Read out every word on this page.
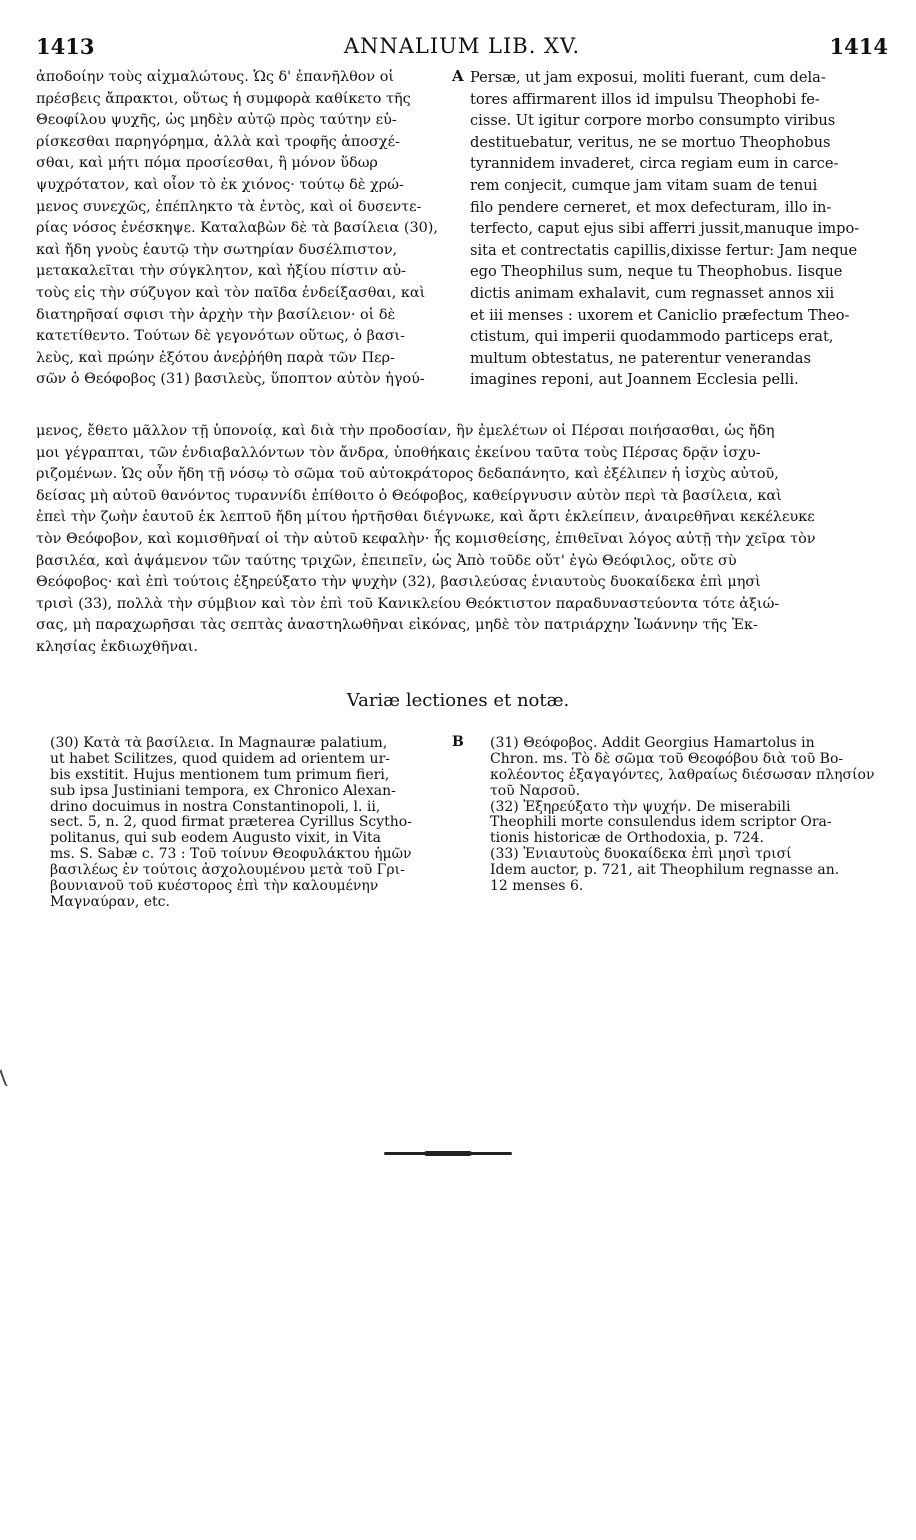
1413	ANNALIUM LIB. XV.	1414
ἀποδοίην τοὺς αἰχμαλώτους. Ὡς δ' ἐπανῆλθον οἱ
πρέσβεις ἄπρακτοι, οὕτως ἡ συμφορὰ καθίκετο τῆς
Θεοφίλου ψυχῆς, ὡς μηδὲν αὐτῷ πρὸς ταύτην εὑ-
ρίσκεσθαι παρηγόρημα, ἀλλὰ καὶ τροφῆς ἀποσχέ-
σθαι, καὶ μήτι πόμα προσίεσθαι, ἢ μόνον ὕδωρ
ψυχρότατον, καὶ οἷον τὸ ἐκ χιόνος· τούτῳ δὲ χρώ-
μενος συνεχῶς, ἐπέπληκτο τὰ ἐντὸς, καὶ οἱ δυσεντε-
ρίας νόσος ἐνέσκηψε. Καταλαβὼν δὲ τὰ βασίλεια (30),
καὶ ἤδη γνοὺς ἑαυτῷ τὴν σωτηρίαν δυσέλπιστον,
μετακαλεῖται τὴν σύγκλητον, καὶ ἠξίου πίστιν αὐ-
τοὺς εἰς τὴν σύζυγον καὶ τὸν παῖδα ἐνδείξασθαι, καὶ
διατηρῆσαί σφισι τὴν ἀρχὴν τὴν βασίλειον· οἱ δὲ
κατετίθεντο. Τούτων δὲ γεγονότων οὕτως, ὁ βασι-
λεὺς, καὶ πρώην ἐξότου ἀνεῤῥήθη παρὰ τῶν Περ-
σῶν ὁ Θεόφοβος (31) βασιλεὺς, ὕποπτον αὐτὸν ἡγού-
A Persæ, ut jam exposui, moliti fuerant, cum dela-
tores affirmarent illos id impulsu Theophobi fe-
cisse. Ut igitur corpore morbo consumpto viribus
destituebatur, veritus, ne se mortuo Theophobus
tyrannidem invaderet, circa regiam eum in carce-
rem conjecit, cumque jam vitam suam de tenui
filo pendere cerneret, et mox defecturam, illo in-
terfecto, caput ejus sibi afferri jussit,manuque impo-
sita et contrectatis capillis,dixisse fertur: Jam neque
ego Theophilus sum, neque tu Theophobus. Iisque
dictis animam exhalavit, cum regnasset annos xii
et iii menses : uxorem et Caniclio præfectum Theo-
ctistum, qui imperii quodammodo particeps erat,
multum obtestatus, ne paterentur venerandas
imagines reponi, aut Joannem Ecclesia pelli.
μενος, ἔθετο μᾶλλον τῇ ὑπονοίᾳ, καὶ διὰ τὴν προδοσίαν, ἣν ἐμελέτων οἱ Πέρσαι ποιήσασθαι, ὡς ἤδη
μοι γέγραπται, τῶν ἐνδιαβαλλόντων τὸν ἄνδρα, ὑποθήκαις ἐκείνου ταῦτα τοὺς Πέρσας δρᾷν ἰσχυ-
ριζομένων. Ὡς οὖν ἤδη τῇ νόσῳ τὸ σῶμα τοῦ αὐτοκράτορος δεδαπάνητο, καὶ ἐξέλιπεν ἡ ἰσχὺς αὐτοῦ,
δείσας μὴ αὐτοῦ θανόντος τυραννίδι ἐπίθοιτο ὁ Θεόφοβος, καθείργνυσιν αὐτὸν περὶ τὰ βασίλεια, καὶ
ἐπεὶ τὴν ζωὴν ἑαυτοῦ ἐκ λεπτοῦ ἤδη μίτου ἠρτῆσθαι διέγνωκε, καὶ ἄρτι ἐκλείπειν, ἀναιρεθῆναι κεκέλευκε
τὸν Θεόφοβον, καὶ κομισθῆναί οἱ τὴν αὐτοῦ κεφαλὴν· ἧς κομισθείσης, ἐπιθεῖναι λόγος αὐτῇ τὴν χεῖρα τὸν
βασιλέα, καὶ ἁψάμενον τῶν ταύτης τριχῶν, ἐπειπεῖν, ὡς Ἀπὸ τοῦδε οὔτ' ἐγὼ Θεόφιλος, οὔτε σὺ
Θεόφοβος· καὶ ἐπὶ τούτοις ἐξηρεύξατο τὴν ψυχὴν (32), βασιλεύσας ἐνιαυτοὺς δυοκαίδεκα ἐπὶ μησὶ
τρισὶ (33), πολλὰ τὴν σύμβιον καὶ τὸν ἐπὶ τοῦ Κανικλείου Θεόκτιστον παραδυναστεύοντα τότε ἀξιώ-
σας, μὴ παραχωρῆσαι τὰς σεπτὰς ἀναστηλωθῆναι εἰκόνας, μηδὲ τὸν πατριάρχην Ἰωάννην τῆς Ἐκ-
κλησίας ἐκδιωχθῆναι.
Variæ lectiones et notæ.
(30) Κατὰ τὰ βασίλεια. In Magnauræ palatium,
ut habet Scilitzes, quod quidem ad orientem ur-
bis exstitit. Hujus mentionem tum primum fieri,
sub ipsa Justiniani tempora, ex Chronico Alexan-
drino docuimus in nostra Constantinopoli, l. ii,
sect. 5, n. 2, quod firmat præterea Cyrillus Scytho-
politanus, qui sub eodem Augusto vixit, in Vita
ms. S. Sabæ c. 73 : Τοῦ τοίνυν Θεοφυλάκτου ἡμῶν
βασιλέως ἐν τούτοις ἀσχολουμένου μετὰ τοῦ Γρι-
βουνιανοῦ τοῦ κυέστορος ἐπὶ τὴν καλουμένην
Μαγναύραν, etc.
B (31) Θεόφοβος. Addit Georgius Hamartolus in
Chron. ms. Τὸ δὲ σῶμα τοῦ Θεοφόβου διὰ τοῦ Βο-
κολέοντος ἐξαγαγόντες, λαθραίως διέσωσαν πλησίον
τοῦ Ναρσοῦ.
(32) Ἐξηρεύξατο τὴν ψυχήν. De miserabili
Theophili morte consulendus idem scriptor Ora-
tionis historicæ de Orthodoxia, p. 724.
(33) Ἐνιαυτοὺς δυοκαίδεκα ἐπὶ μησὶ τρισί
Idem auctor, p. 721, ait Theophilum regnasse an.
12 menses 6.
